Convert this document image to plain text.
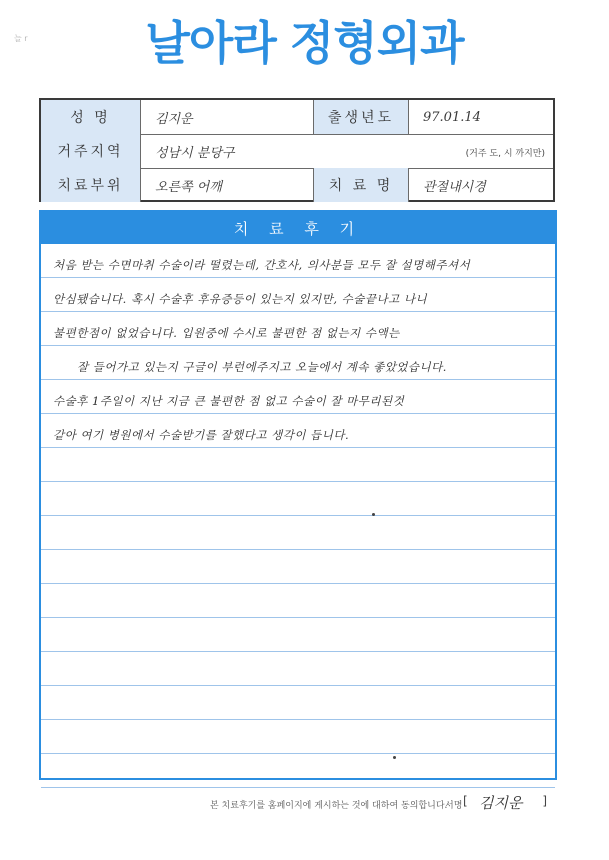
늘 r	날아라 정형외과
성 명	김지운	출생년도	97.01.14
거주지역	성남시 분당구	(거주 도, 시 까지만)
치료부위	오른쪽 어깨	치 료 명	관절내시경
치 료 후 기
처음 받는 수면마취 수술이라 떨렸는데, 간호사, 의사분들 모두 잘 설명해주셔서
안심됐습니다. 혹시 수술후 후유증등이 있는지 있지만, 수술끝나고 나니
불편한점이 없었습니다. 입원중에 수시로 불편한 점 없는지 수액는
잘 들어가고 있는지 구글이 부런에주지고 오늘에서 계속 좋았었습니다.
수술후 1주일이 지난 지금 큰 불편한 점 없고 수술이 잘 마무리된것
같아 여기 병원에서 수술받기를 잘했다고 생각이 듭니다.
본 치료후기를 홈페이지에 게시하는 것에 대하여 동의합니다.
서명 [ 김지운 ]
